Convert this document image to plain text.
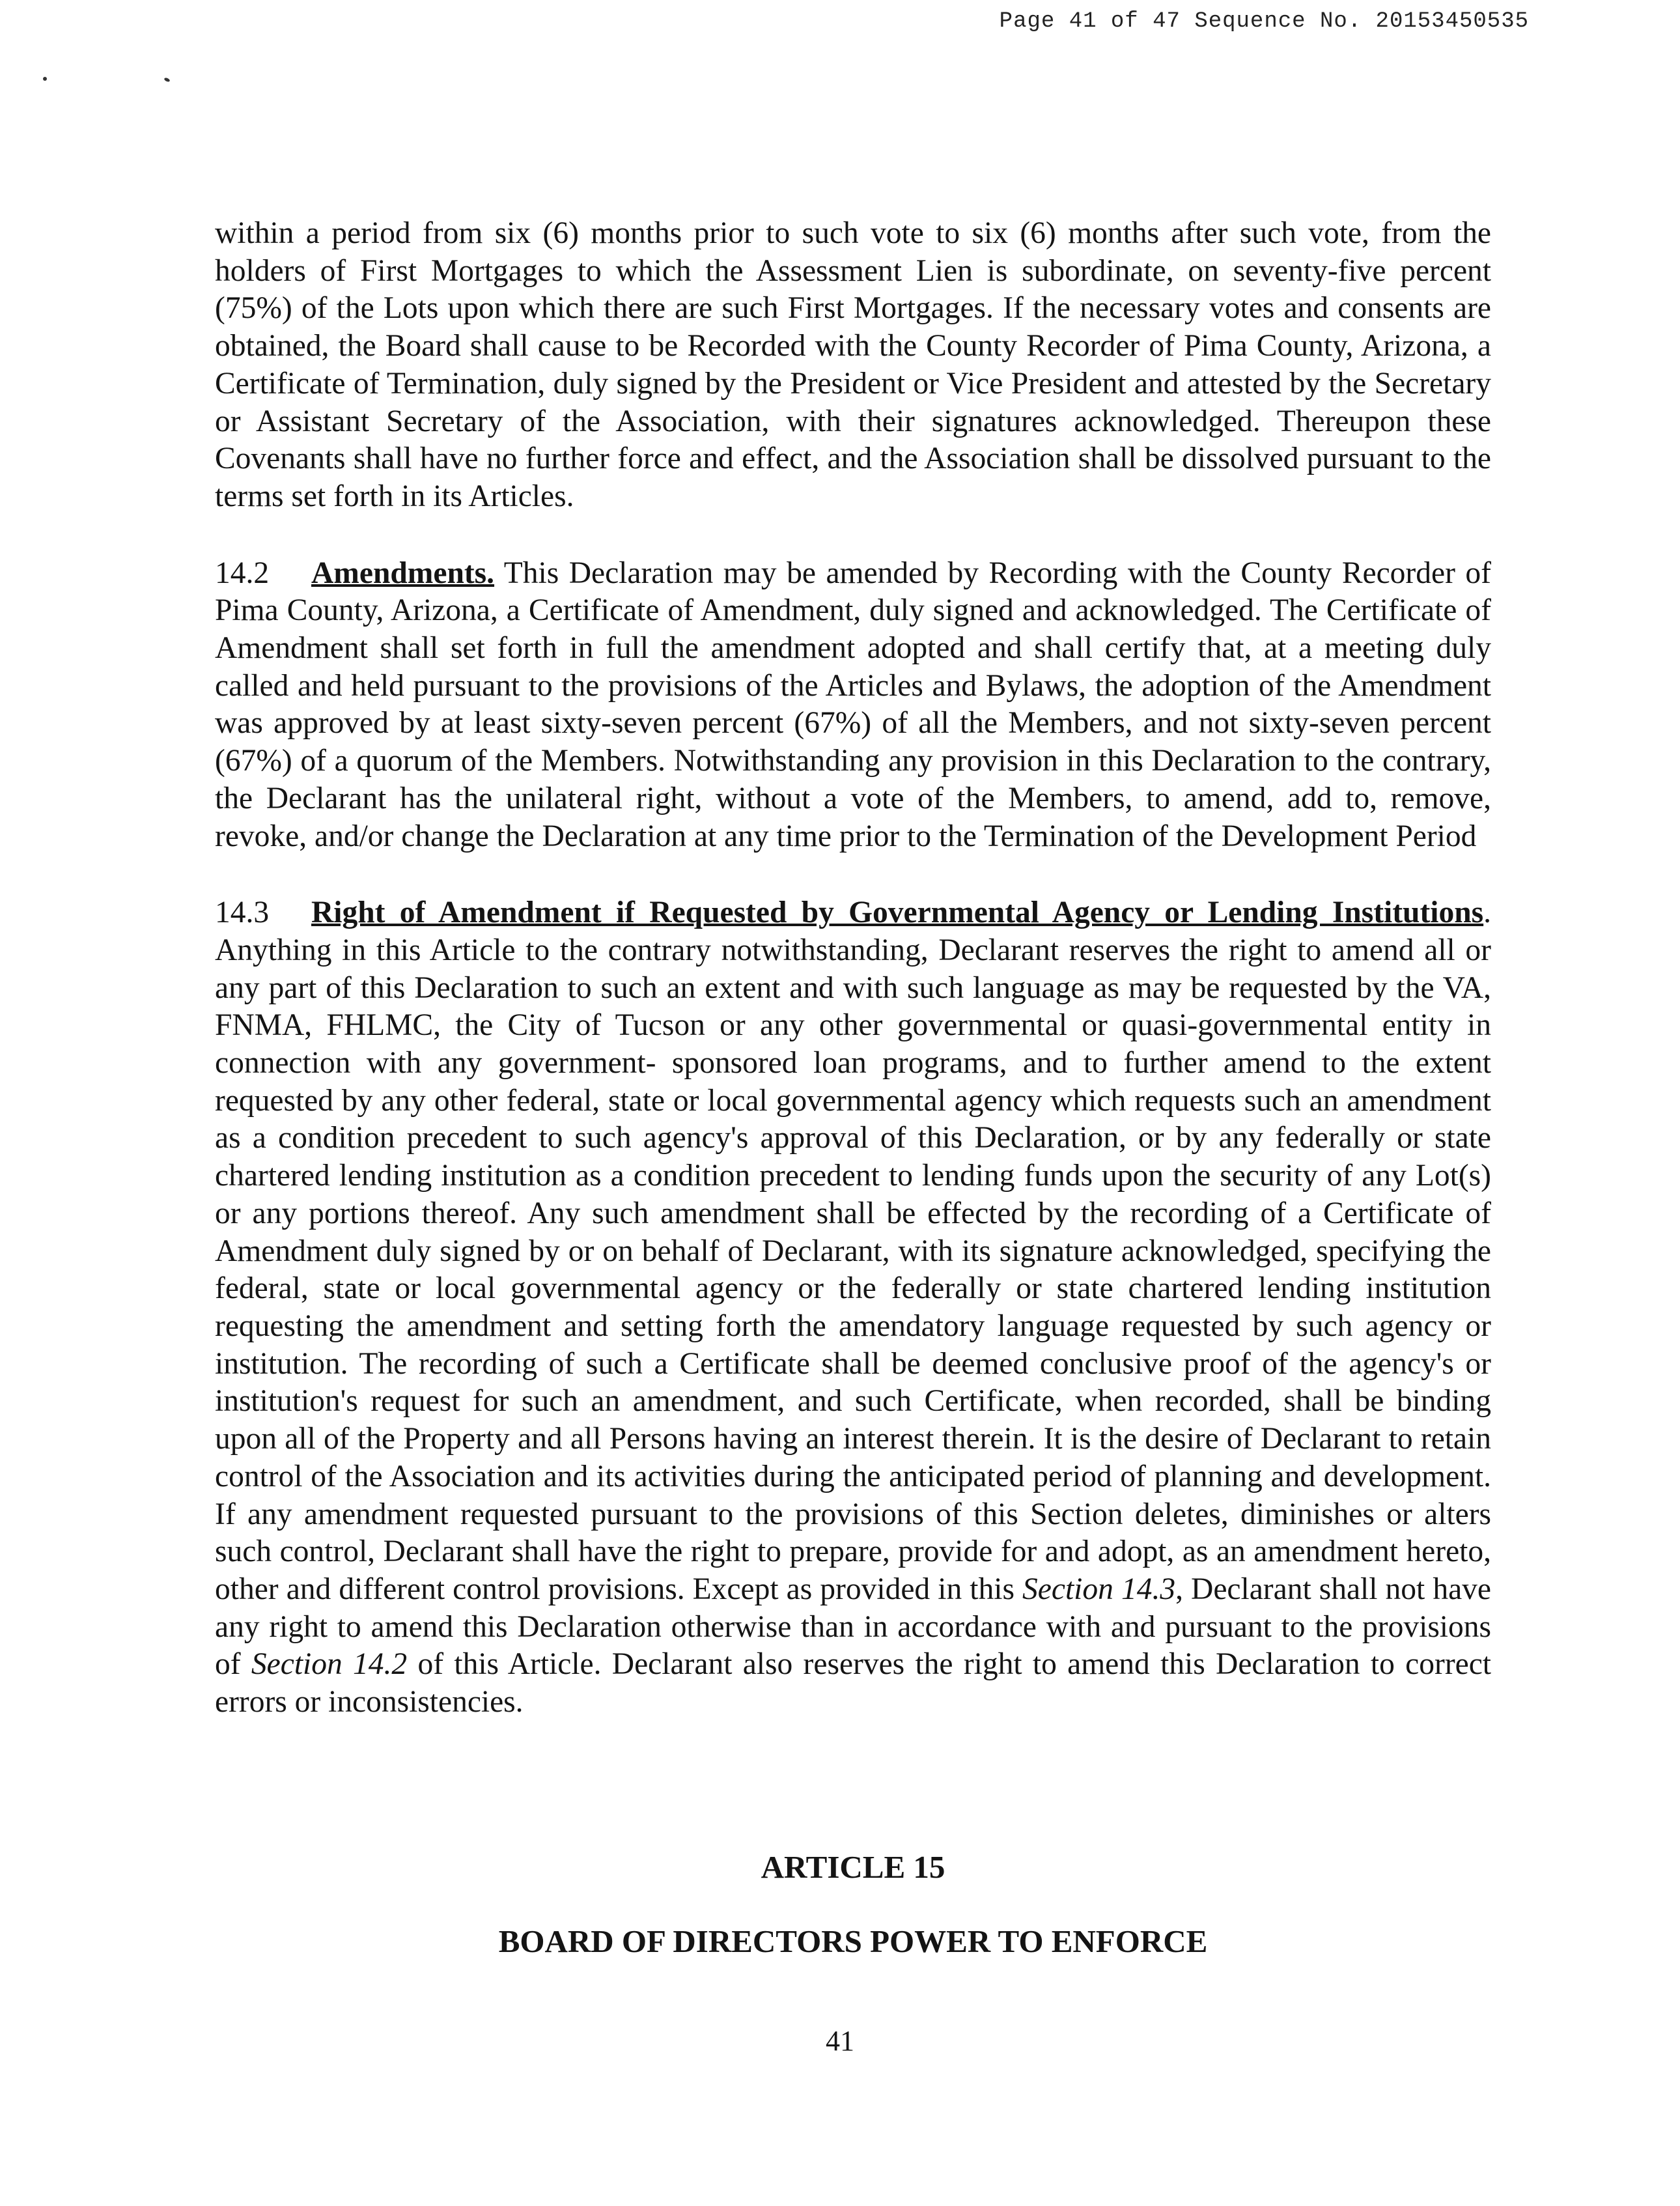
Page 41 of 47 Sequence No. 20153450535

within a period from six (6) months prior to such vote to six (6) months after such vote, from the holders of First Mortgages to which the Assessment Lien is subordinate, on seventy-five percent (75%) of the Lots upon which there are such First Mortgages. If the necessary votes and consents are obtained, the Board shall cause to be Recorded with the County Recorder of Pima County, Arizona, a Certificate of Termination, duly signed by the President or Vice President and attested by the Secretary or Assistant Secretary of the Association, with their signatures acknowledged. Thereupon these Covenants shall have no further force and effect, and the Association shall be dissolved pursuant to the terms set forth in its Articles.

14.2 Amendments. This Declaration may be amended by Recording with the County Recorder of Pima County, Arizona, a Certificate of Amendment, duly signed and acknowledged. The Certificate of Amendment shall set forth in full the amendment adopted and shall certify that, at a meeting duly called and held pursuant to the provisions of the Articles and Bylaws, the adoption of the Amendment was approved by at least sixty-seven percent (67%) of all the Members, and not sixty-seven percent (67%) of a quorum of the Members. Notwithstanding any provision in this Declaration to the contrary, the Declarant has the unilateral right, without a vote of the Members, to amend, add to, remove, revoke, and/or change the Declaration at any time prior to the Termination of the Development Period

14.3 Right of Amendment if Requested by Governmental Agency or Lending Institutions. Anything in this Article to the contrary notwithstanding, Declarant reserves the right to amend all or any part of this Declaration to such an extent and with such language as may be requested by the VA, FNMA, FHLMC, the City of Tucson or any other governmental or quasi-governmental entity in connection with any government- sponsored loan programs, and to further amend to the extent requested by any other federal, state or local governmental agency which requests such an amendment as a condition precedent to such agency's approval of this Declaration, or by any federally or state chartered lending institution as a condition precedent to lending funds upon the security of any Lot(s) or any portions thereof. Any such amendment shall be effected by the recording of a Certificate of Amendment duly signed by or on behalf of Declarant, with its signature acknowledged, specifying the federal, state or local governmental agency or the federally or state chartered lending institution requesting the amendment and setting forth the amendatory language requested by such agency or institution. The recording of such a Certificate shall be deemed conclusive proof of the agency's or institution's request for such an amendment, and such Certificate, when recorded, shall be binding upon all of the Property and all Persons having an interest therein. It is the desire of Declarant to retain control of the Association and its activities during the anticipated period of planning and development. If any amendment requested pursuant to the provisions of this Section deletes, diminishes or alters such control, Declarant shall have the right to prepare, provide for and adopt, as an amendment hereto, other and different control provisions. Except as provided in this Section 14.3, Declarant shall not have any right to amend this Declaration otherwise than in accordance with and pursuant to the provisions of Section 14.2 of this Article. Declarant also reserves the right to amend this Declaration to correct errors or inconsistencies.

ARTICLE 15
BOARD OF DIRECTORS POWER TO ENFORCE
41
